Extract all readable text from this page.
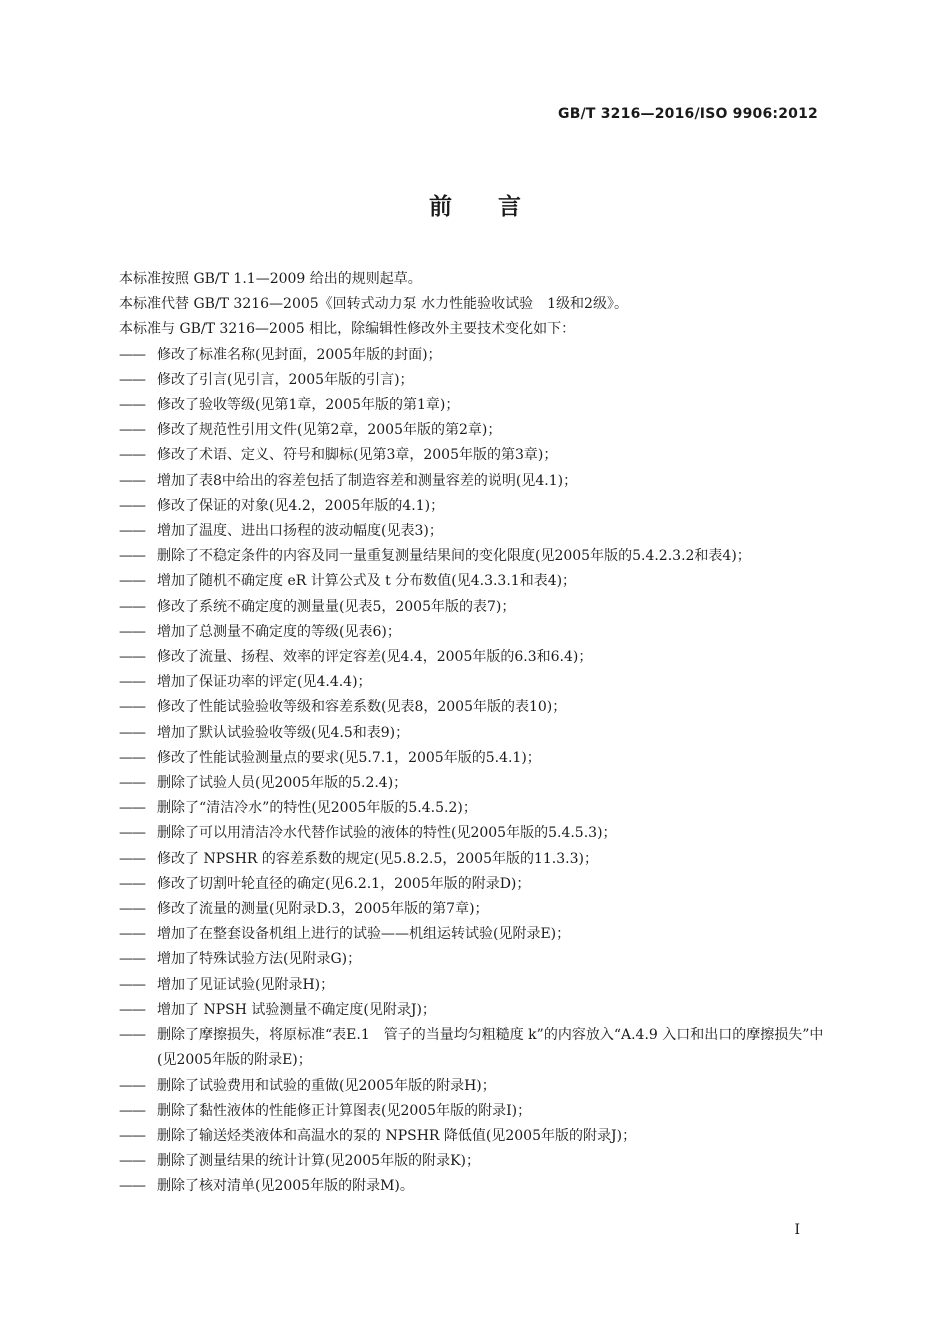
GB/T 3216—2016/ISO 9906:2012
前言
本标准按照 GB/T 1.1—2009 给出的规则起草。
本标准代替 GB/T 3216—2005《回转式动力泵 水力性能验收试验　1级和2级》。
本标准与 GB/T 3216—2005 相比，除编辑性修改外主要技术变化如下：
—— 修改了标准名称(见封面，2005年版的封面)；
—— 修改了引言(见引言，2005年版的引言)；
—— 修改了验收等级(见第1章，2005年版的第1章)；
—— 修改了规范性引用文件(见第2章，2005年版的第2章)；
—— 修改了术语、定义、符号和脚标(见第3章，2005年版的第3章)；
—— 增加了表8中给出的容差包括了制造容差和测量容差的说明(见4.1)；
—— 修改了保证的对象(见4.2，2005年版的4.1)；
—— 增加了温度、进出口扬程的波动幅度(见表3)；
—— 删除了不稳定条件的内容及同一量重复测量结果间的变化限度(见2005年版的5.4.2.3.2和表4)；
—— 增加了随机不确定度 eR 计算公式及 t 分布数值(见4.3.3.1和表4)；
—— 修改了系统不确定度的测量量(见表5，2005年版的表7)；
—— 增加了总测量不确定度的等级(见表6)；
—— 修改了流量、扬程、效率的评定容差(见4.4，2005年版的6.3和6.4)；
—— 增加了保证功率的评定(见4.4.4)；
—— 修改了性能试验验收等级和容差系数(见表8，2005年版的表10)；
—— 增加了默认试验验收等级(见4.5和表9)；
—— 修改了性能试验测量点的要求(见5.7.1，2005年版的5.4.1)；
—— 删除了试验人员(见2005年版的5.2.4)；
—— 删除了“清洁冷水”的特性(见2005年版的5.4.5.2)；
—— 删除了可以用清洁冷水代替作试验的液体的特性(见2005年版的5.4.5.3)；
—— 修改了 NPSHR 的容差系数的规定(见5.8.2.5，2005年版的11.3.3)；
—— 修改了切割叶轮直径的确定(见6.2.1，2005年版的附录D)；
—— 修改了流量的测量(见附录D.3，2005年版的第7章)；
—— 增加了在整套设备机组上进行的试验——机组运转试验(见附录E)；
—— 增加了特殊试验方法(见附录G)；
—— 增加了见证试验(见附录H)；
—— 增加了 NPSH 试验测量不确定度(见附录J)；
—— 删除了摩擦损失，将原标准“表E.1　管子的当量均匀粗糙度 k”的内容放入“A.4.9 入口和出口的摩擦损失”中(见2005年版的附录E)；
—— 删除了试验费用和试验的重做(见2005年版的附录H)；
—— 删除了黏性液体的性能修正计算图表(见2005年版的附录I)；
—— 删除了输送烃类液体和高温水的泵的 NPSHR 降低值(见2005年版的附录J)；
—— 删除了测量结果的统计计算(见2005年版的附录K)；
—— 删除了核对清单(见2005年版的附录M)。
I
